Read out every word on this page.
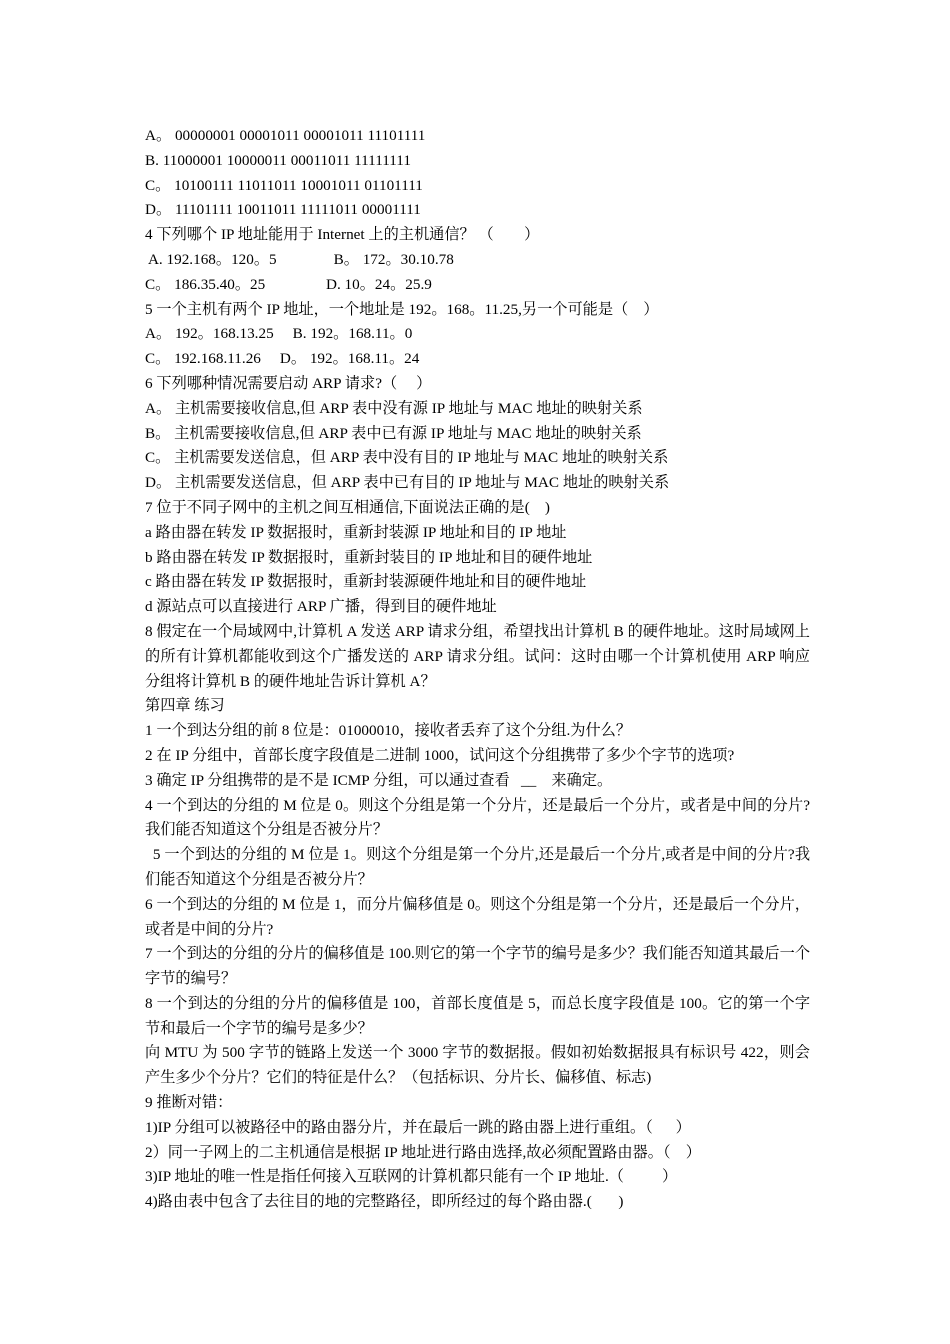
A。 00000001 00001011 00001011 11101111
B. 11000001 10000011 00011011 11111111
C。 10100111 11011011 10001011 01101111
D。 11101111 10011011 11111011 00001111
4 下列哪个 IP 地址能用于 Internet 上的主机通信？ （        ）
A. 192.168。120。5               B。 172。30.10.78
C。 186.35.40。25                D. 10。24。25.9
5 一个主机有两个 IP 地址，一个地址是 192。168。11.25,另一个可能是（    ）
A。 192。168.13.25     B. 192。168.11。0
C。 192.168.11.26     D。 192。168.11。24
6 下列哪种情况需要启动 ARP 请求?（     ）
A。 主机需要接收信息,但 ARP 表中没有源 IP 地址与 MAC 地址的映射关系
B。 主机需要接收信息,但 ARP 表中已有源 IP 地址与 MAC 地址的映射关系
C。 主机需要发送信息，但 ARP 表中没有目的 IP 地址与 MAC 地址的映射关系
D。 主机需要发送信息，但 ARP 表中已有目的 IP 地址与 MAC 地址的映射关系
7 位于不同子网中的主机之间互相通信,下面说法正确的是(    )
a 路由器在转发 IP 数据报时，重新封装源 IP 地址和目的 IP 地址
b 路由器在转发 IP 数据报时，重新封装目的 IP 地址和目的硬件地址
c 路由器在转发 IP 数据报时，重新封装源硬件地址和目的硬件地址
d 源站点可以直接进行 ARP 广播，得到目的硬件地址
8 假定在一个局域网中,计算机 A 发送 ARP 请求分组，希望找出计算机 B 的硬件地址。这时局域网上的所有计算机都能收到这个广播发送的 ARP 请求分组。试问：这时由哪一个计算机使用 ARP 响应分组将计算机 B 的硬件地址告诉计算机 A？
第四章 练习
1 一个到达分组的前 8 位是：01000010，接收者丢弃了这个分组.为什么？
2 在 IP 分组中，首部长度字段值是二进制 1000，试问这个分组携带了多少个字节的选项?
3 确定 IP 分组携带的是不是 ICMP 分组，可以通过查看   __    来确定。
4 一个到达的分组的 M 位是 0。则这个分组是第一个分片，还是最后一个分片，或者是中间的分片?我们能否知道这个分组是否被分片？
5 一个到达的分组的 M 位是 1。则这个分组是第一个分片,还是最后一个分片,或者是中间的分片?我们能否知道这个分组是否被分片？
6 一个到达的分组的 M 位是 1，而分片偏移值是 0。则这个分组是第一个分片，还是最后一个分片，或者是中间的分片?
7 一个到达的分组的分片的偏移值是 100.则它的第一个字节的编号是多少？我们能否知道其最后一个字节的编号？
8 一个到达的分组的分片的偏移值是 100，首部长度值是 5，而总长度字段值是 100。它的第一个字节和最后一个字节的编号是多少？
向 MTU 为 500 字节的链路上发送一个 3000 字节的数据报。假如初始数据报具有标识号 422，则会产生多少个分片？它们的特征是什么？（包括标识、分片长、偏移值、标志)
9 推断对错：
1)IP 分组可以被路径中的路由器分片，并在最后一跳的路由器上进行重组。（      ）
2）同一子网上的二主机通信是根据 IP 地址进行路由选择,故必须配置路由器。（    ）
3)IP 地址的唯一性是指任何接入互联网的计算机都只能有一个 IP 地址.（          ）
4)路由表中包含了去往目的地的完整路径，即所经过的每个路由器.(       )
